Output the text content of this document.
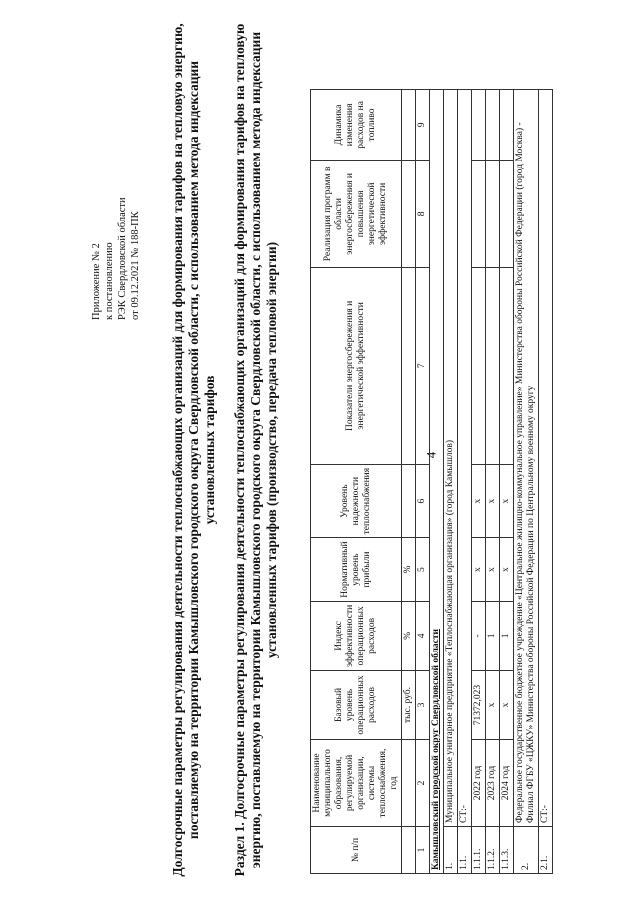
4
Приложение № 2 к постановлению РЭК Свердловской области от 09.12.2021 № 188-ПК Долгосрочные параметры регулирования деятельности теплоснабжающих организаций для формирования тарифов на тепловую энергию, поставляемую на территории Камышловского городского округа Свердловской области, с использованием метода индексации установленных тарифов Раздел 1. Долгосрочные параметры регулирования деятельности теплоснабжающих организаций для формирования тарифов на тепловую энергию, поставляемую на территории Камышловского городского округа Свердловской области, с использованием метода индексации установленных тарифов (производство, передача тепловой энергии)
№ п/п	Наименование муниципального образования, регулируемой организации, системы теплоснабжения, год	Базовый уровень операционных расходов	Индекс эффективности операционных расходов	Нормативный уровень прибыли	Уровень надежности теплоснабжения	Показатели энергосбережения и энергетической эффективности	Реализация программ в области энергосбережения и повышения энергетической эффективности	Динамика изменения расходов на топливо
		тыс. руб.	%	%				
1	2	3	4	5	6	7	8	9
Камышловский городской округ Свердловской области								
1.	Муниципальное унитарное предприятие «Теплоснабжающая организация» (город Камышлов)							
1.1.	СТ:-							
1.1.1.	2022 год	71372,023	-	х	х			
1.1.2.	2023 год	х	1	х	х			
1.1.3.	2024 год	х	1	х	х			
2.	Федеральное государственное бюджетное учреждение «Центральное жилищно-коммунальное управление» Министерства обороны Российской Федерации (город Москва) - Филиал ФГБУ «ЦЖКУ» Министерства обороны Российской Федерации по Центральному военному округу							
2.1.	СТ:-							
